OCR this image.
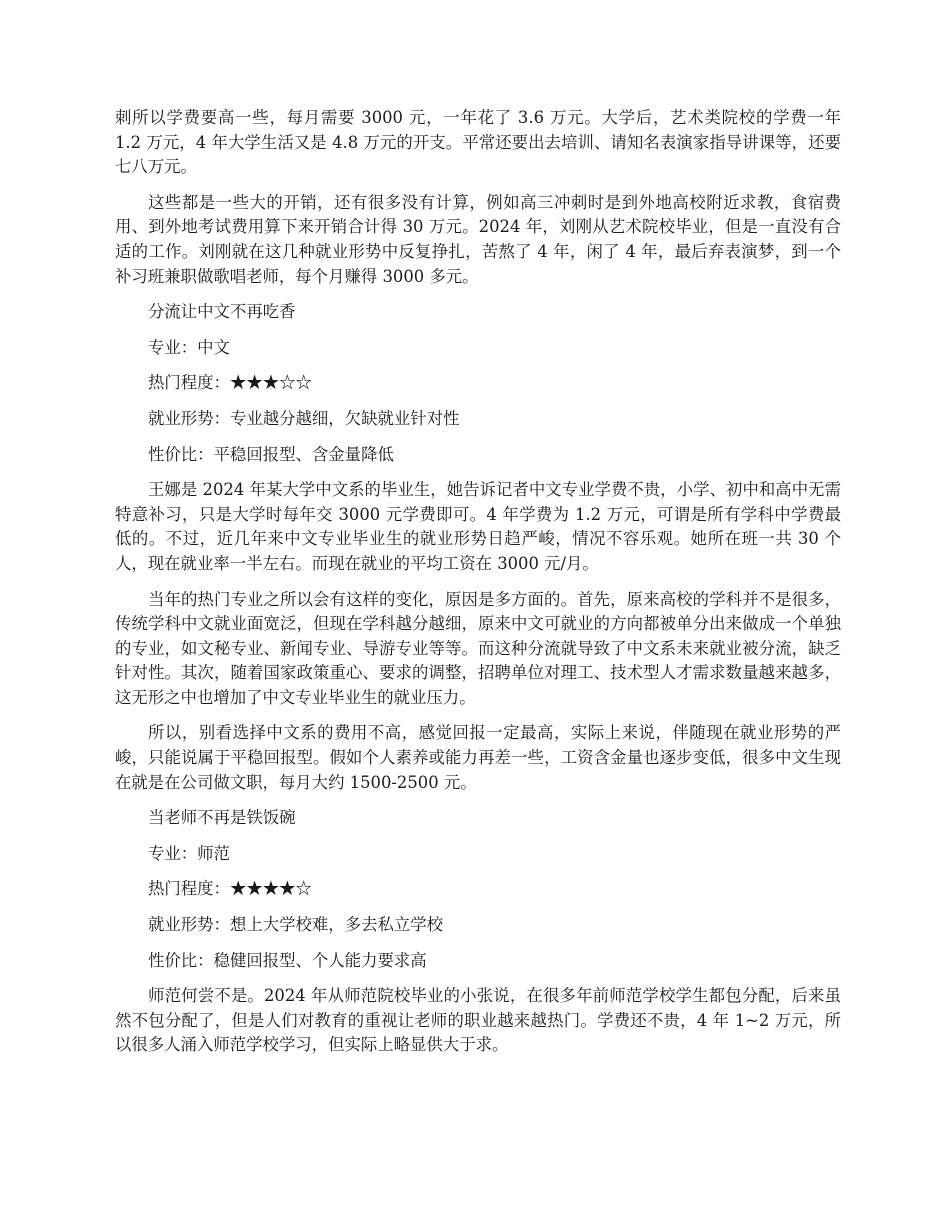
刺所以学费要高一些，每月需要 3000 元，一年花了 3.6 万元。大学后，艺术类院校的学费一年 1.2 万元，4 年大学生活又是 4.8 万元的开支。平常还要出去培训、请知名表演家指导讲课等，还要七八万元。

这些都是一些大的开销，还有很多没有计算，例如高三冲刺时是到外地高校附近求教，食宿费用、到外地考试费用算下来开销合计得 30 万元。2024 年，刘刚从艺术院校毕业，但是一直没有合适的工作。刘刚就在这几种就业形势中反复挣扎，苦熬了 4 年，闲了 4 年，最后弃表演梦，到一个补习班兼职做歌唱老师，每个月赚得 3000 多元。

分流让中文不再吃香

专业：中文

热门程度：★★★☆☆

就业形势：专业越分越细，欠缺就业针对性

性价比：平稳回报型、含金量降低

王娜是 2024 年某大学中文系的毕业生，她告诉记者中文专业学费不贵，小学、初中和高中无需特意补习，只是大学时每年交 3000 元学费即可。4 年学费为 1.2 万元，可谓是所有学科中学费最低的。不过，近几年来中文专业毕业生的就业形势日趋严峻，情况不容乐观。她所在班一共 30 个人，现在就业率一半左右。而现在就业的平均工资在 3000 元/月。

当年的热门专业之所以会有这样的变化，原因是多方面的。首先，原来高校的学科并不是很多，传统学科中文就业面宽泛，但现在学科越分越细，原来中文可就业的方向都被单分出来做成一个单独的专业，如文秘专业、新闻专业、导游专业等等。而这种分流就导致了中文系未来就业被分流，缺乏针对性。其次，随着国家政策重心、要求的调整，招聘单位对理工、技术型人才需求数量越来越多，这无形之中也增加了中文专业毕业生的就业压力。

所以，别看选择中文系的费用不高，感觉回报一定最高，实际上来说，伴随现在就业形势的严峻，只能说属于平稳回报型。假如个人素养或能力再差一些，工资含金量也逐步变低，很多中文生现在就是在公司做文职，每月大约 1500-2500 元。

当老师不再是铁饭碗

专业：师范

热门程度：★★★★☆

就业形势：想上大学校难，多去私立学校

性价比：稳健回报型、个人能力要求高

师范何尝不是。2024 年从师范院校毕业的小张说，在很多年前师范学校学生都包分配，后来虽然不包分配了，但是人们对教育的重视让老师的职业越来越热门。学费还不贵，4 年 1~2 万元，所以很多人涌入师范学校学习，但实际上略显供大于求。
